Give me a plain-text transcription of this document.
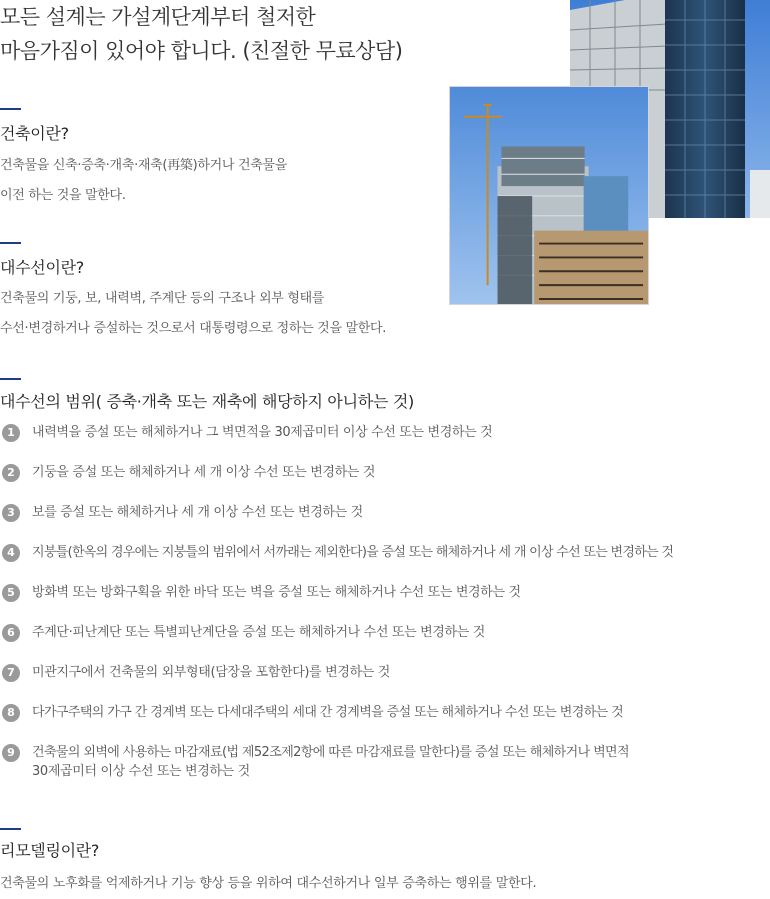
모든 설계는 가설계단계부터 철저한
마음가짐이 있어야 합니다. (친절한 무료상담)
건축이란?

건축물을 신축·증축·개축·재축(再築)하거나 건축물을
이전 하는 것을 말한다.

대수선이란?

건축물의 기둥, 보, 내력벽, 주계단 등의 구조나 외부 형태를
수선·변경하거나 증설하는 것으로서 대통령령으로 정하는 것을 말한다.

대수선의 범위( 증축·개축 또는 재축에 해당하지 아니하는 것)
1	내력벽을 증설 또는 해체하거나 그 벽면적을 30제곱미터 이상 수선 또는 변경하는 것
2	기둥을 증설 또는 해체하거나 세 개 이상 수선 또는 변경하는 것
3	보를 증설 또는 해체하거나 세 개 이상 수선 또는 변경하는 것
4	지붕틀(한옥의 경우에는 지붕틀의 범위에서 서까래는 제외한다)을 증설 또는 해체하거나 세 개 이상 수선 또는 변경하는 것
5	방화벽 또는 방화구획을 위한 바닥 또는 벽을 증설 또는 해체하거나 수선 또는 변경하는 것
6	주계단·피난계단 또는 특별피난계단을 증설 또는 해체하거나 수선 또는 변경하는 것
7	미관지구에서 건축물의 외부형태(담장을 포함한다)를 변경하는 것
8	다가구주택의 가구 간 경계벽 또는 다세대주택의 세대 간 경계벽을 증설 또는 해체하거나 수선 또는 변경하는 것
9	건축물의 외벽에 사용하는 마감재료(법 제52조제2항에 따른 마감재료를 말한다)를 증설 또는 해체하거나 벽면적
30제곱미터 이상 수선 또는 변경하는 것
리모델링이란?

건축물의 노후화를 억제하거나 기능 향상 등을 위하여 대수선하거나 일부 증축하는 행위를 말한다.
